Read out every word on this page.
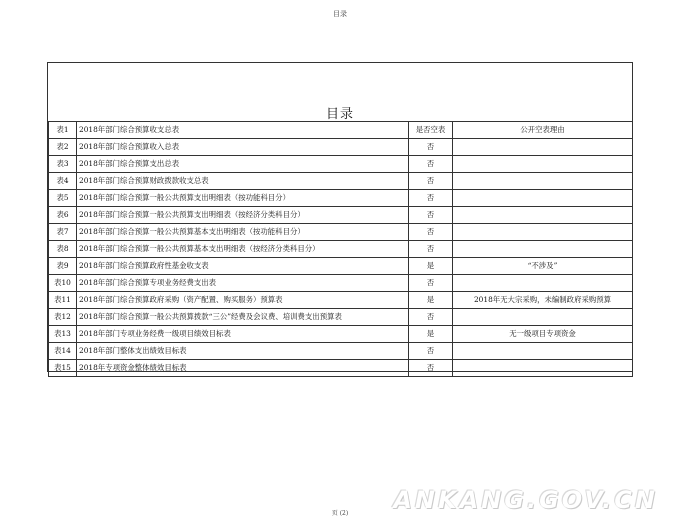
目录
目录
表1	2018年部门综合预算收支总表	是否空表	公开空表理由
表2	2018年部门综合预算收入总表	否	
表3	2018年部门综合预算支出总表	否	
表4	2018年部门综合预算财政拨款收支总表	否	
表5	2018年部门综合预算一般公共预算支出明细表（按功能科目分）	否	
表6	2018年部门综合预算一般公共预算支出明细表（按经济分类科目分）	否	
表7	2018年部门综合预算一般公共预算基本支出明细表（按功能科目分）	否	
表8	2018年部门综合预算一般公共预算基本支出明细表（按经济分类科目分）	否	
表9	2018年部门综合预算政府性基金收支表	是	“不涉及”
表10	2018年部门综合预算专项业务经费支出表	否	
表11	2018年部门综合预算政府采购（资产配置、购买服务）预算表	是	2018年无大宗采购，未编制政府采购预算
表12	2018年部门综合预算一般公共预算拨款“三公”经费及会议费、培训费支出预算表	否	
表13	2018年部门专项业务经费一级项目绩效目标表	是	无一级项目专项资金
表14	2018年部门整体支出绩效目标表	否	
表15	2018年专项资金整体绩效目标表	否	
页 (2)	ANKANG.GOV.CN
